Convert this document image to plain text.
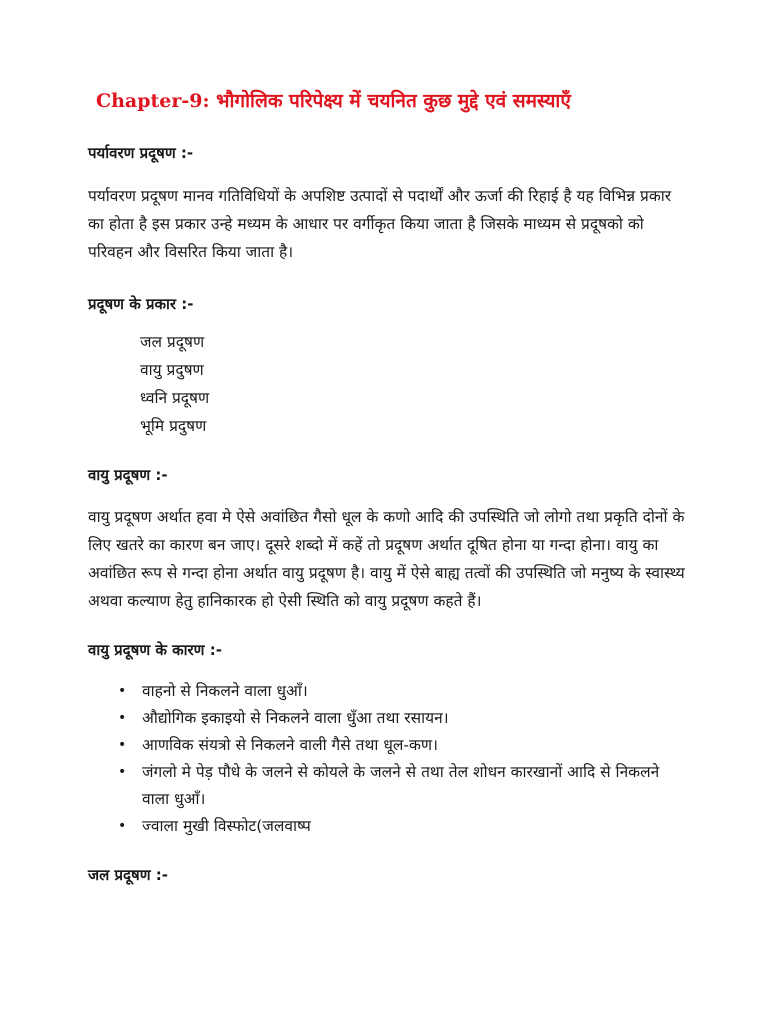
Chapter-9: भौगोलिक परिपेक्ष्य में चयनित कुछ मुद्दे एवं समस्याएँ
पर्यावरण प्रदूषण :-

पर्यावरण प्रदूषण मानव गतिविधियों के अपशिष्ट उत्पादों से पदार्थों और ऊर्जा की रिहाई है यह विभिन्न प्रकार का होता है इस प्रकार उन्हे मध्यम के आधार पर वर्गीकृत किया जाता है जिसके माध्यम से प्रदूषको को परिवहन और विसरित किया जाता है।

प्रदूषण के प्रकार :-
जल प्रदूषण
वायु प्रदुषण
ध्वनि प्रदूषण
भूमि प्रदुषण
वायु प्रदूषण :-

वायु प्रदूषण अर्थात हवा मे ऐसे अवांछित गैसो धूल के कणो आदि की उपस्थिति जो लोगो तथा प्रकृति दोनों के लिए खतरे का कारण बन जाए। दूसरे शब्दो में कहें तो प्रदूषण अर्थात दूषित होना या गन्दा होना। वायु का अवांछित रूप से गन्दा होना अर्थात वायु प्रदूषण है। वायु में ऐसे बाह्य तत्वों की उपस्थिति जो मनुष्य के स्वास्थ्य अथवा कल्याण हेतु हानिकारक हो ऐसी स्थिति को वायु प्रदूषण कहते हैं।

वायु प्रदूषण के कारण :-
• वाहनो से निकलने वाला धुआँ।
• औद्योगिक इकाइयो से निकलने वाला धुँआ तथा रसायन।
• आणविक संयत्रो से निकलने वाली गैसे तथा धूल-कण।
• जंगलो मे पेड़ पौधे के जलने से कोयले के जलने से तथा तेल शोधन कारखानों आदि से निकलने वाला धुआँ।
• ज्वाला मुखी विस्फोट(जलवाष्प
जल प्रदूषण :-
